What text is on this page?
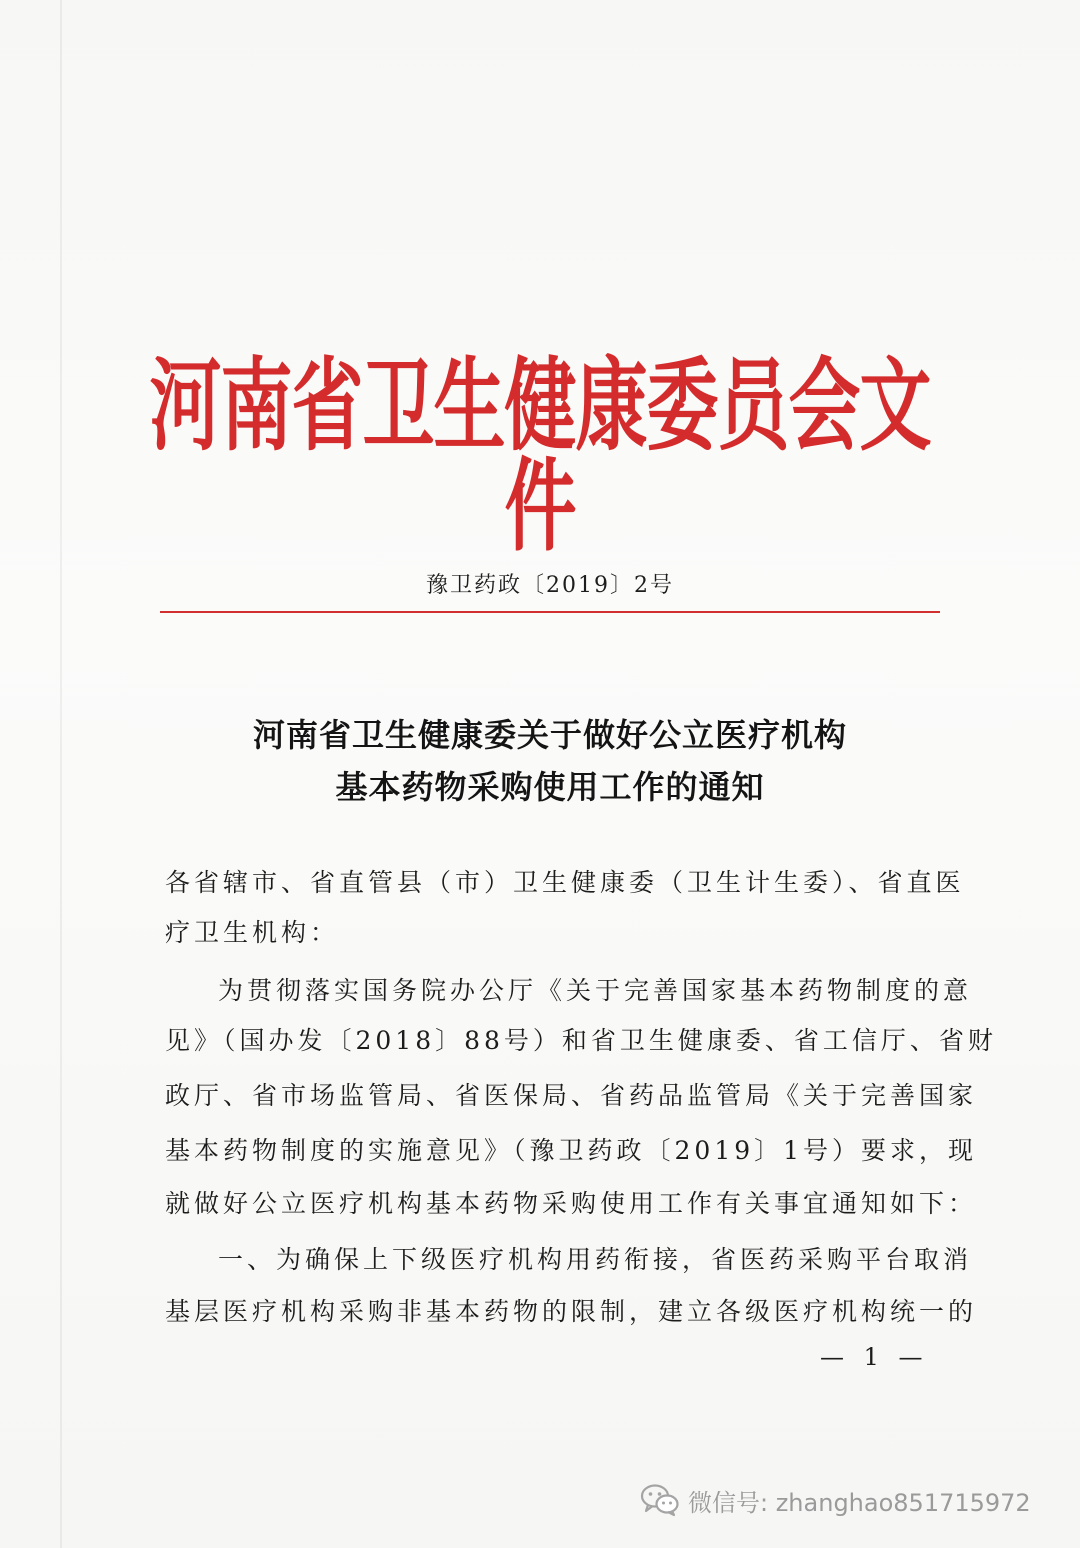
河南省卫生健康委员会文件
豫卫药政〔2019〕2号
河南省卫生健康委关于做好公立医疗机构
基本药物采购使用工作的通知
各省辖市、省直管县（市）卫生健康委（卫生计生委）、省直医
疗卫生机构：
为贯彻落实国务院办公厅《关于完善国家基本药物制度的意
见》（国办发〔2018〕88号）和省卫生健康委、省工信厅、省财
政厅、省市场监管局、省医保局、省药品监管局《关于完善国家
基本药物制度的实施意见》（豫卫药政〔2019〕1号）要求，现
就做好公立医疗机构基本药物采购使用工作有关事宜通知如下：
一、为确保上下级医疗机构用药衔接，省医药采购平台取消
基层医疗机构采购非基本药物的限制，建立各级医疗机构统一的
— 1 —
微信号: zhanghao851715972
